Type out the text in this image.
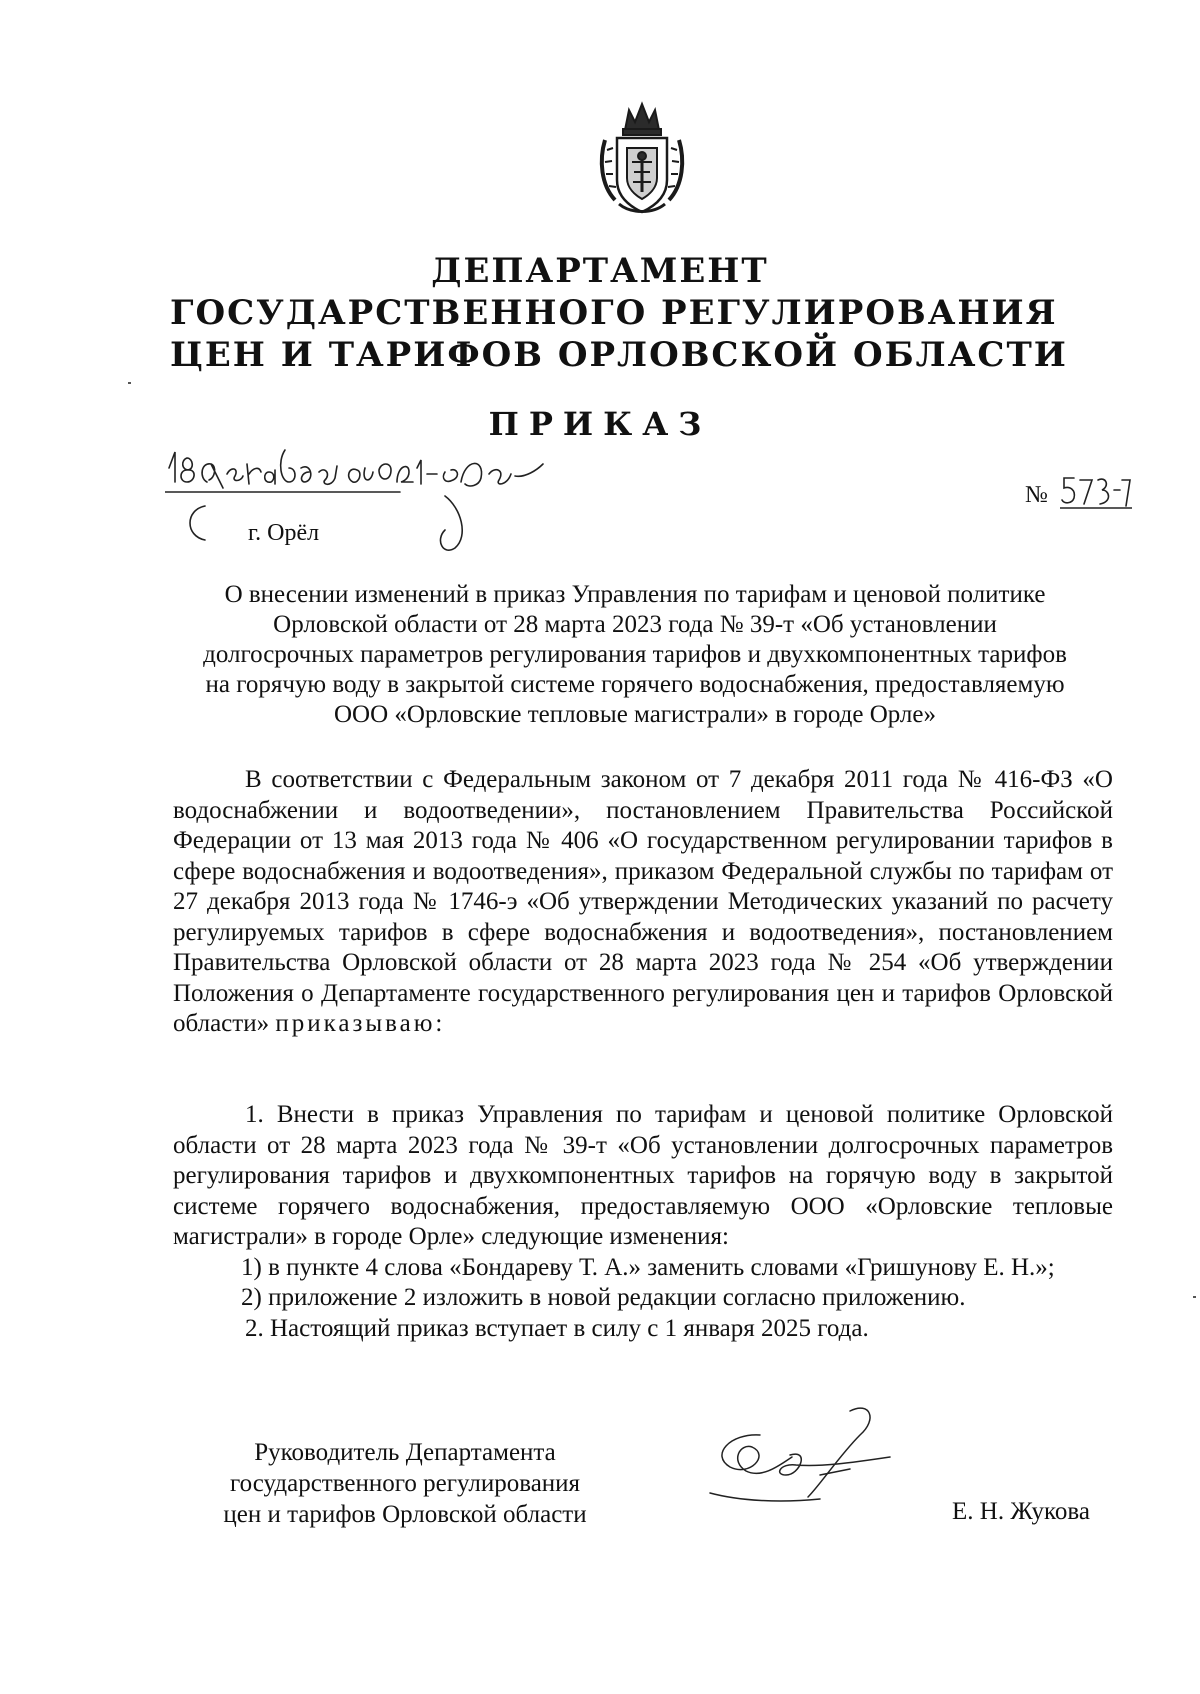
ДЕПАРТАМЕНТ
ГОСУДАРСТВЕННОГО РЕГУЛИРОВАНИЯ
ЦЕН И ТАРИФОВ ОРЛОВСКОЙ ОБЛАСТИ
ПРИКАЗ
г. Орёл
№
О внесении изменений в приказ Управления по тарифам и ценовой политике
Орловской области от 28 марта 2023 года № 39-т «Об установлении
долгосрочных параметров регулирования тарифов и двухкомпонентных тарифов
на горячую воду в закрытой системе горячего водоснабжения, предоставляемую
ООО «Орловские тепловые магистрали» в городе Орле»

В соответствии с Федеральным законом от 7 декабря 2011 года № 416-ФЗ «О водоснабжении и водоотведении», постановлением Правительства Российской Федерации от 13 мая 2013 года № 406 «О государственном регулировании тарифов в сфере водоснабжения и водоотведения», приказом Федеральной службы по тарифам от 27 декабря 2013 года № 1746-э «Об утверждении Методических указаний по расчету регулируемых тарифов в сфере водоснабжения и водоотведения», постановлением Правительства Орловской области от 28 марта 2023 года № 254 «Об утверждении Положения о Департаменте государственного регулирования цен и тарифов Орловской области» приказываю:

1. Внести в приказ Управления по тарифам и ценовой политике Орловской области от 28 марта 2023 года № 39-т «Об установлении долгосрочных параметров регулирования тарифов и двухкомпонентных тарифов на горячую воду в закрытой системе горячего водоснабжения, предоставляемую ООО «Орловские тепловые магистрали» в городе Орле» следующие изменения:

1) в пункте 4 слова «Бондареву Т. А.» заменить словами «Гришунову Е. Н.»;

2) приложение 2 изложить в новой редакции согласно приложению.

2. Настоящий приказ вступает в силу с 1 января 2025 года.

Руководитель Департамента
государственного регулирования
цен и тарифов Орловской области	Е. Н. Жукова
